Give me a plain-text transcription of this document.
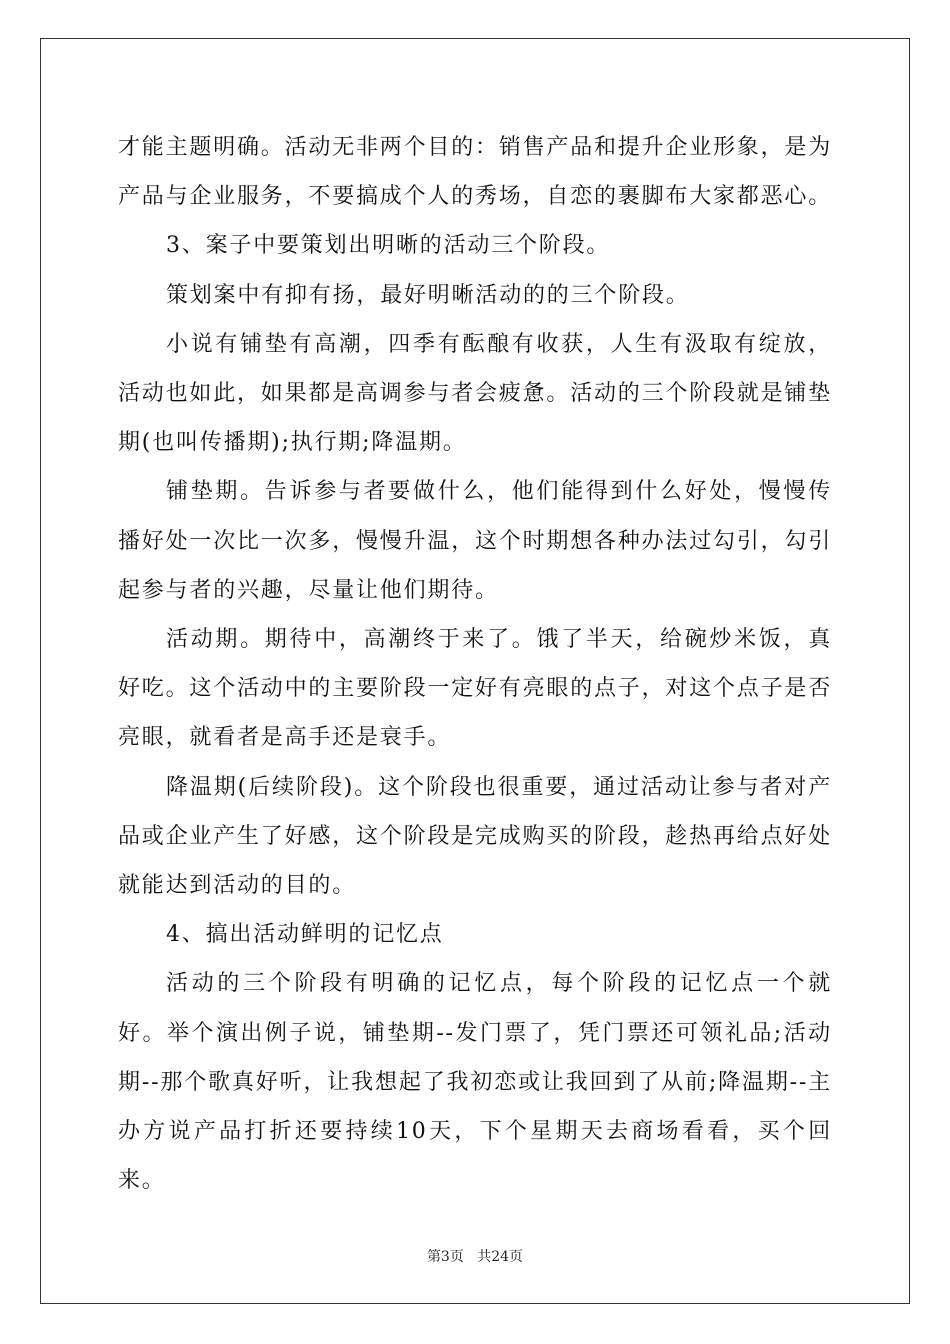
才能主题明确。活动无非两个目的：销售产品和提升企业形象，是为产品与企业服务，不要搞成个人的秀场，自恋的裹脚布大家都恶心。

3、案子中要策划出明晰的活动三个阶段。

策划案中有抑有扬，最好明晰活动的的三个阶段。

小说有铺垫有高潮，四季有酝酿有收获，人生有汲取有绽放，活动也如此，如果都是高调参与者会疲惫。活动的三个阶段就是铺垫期(也叫传播期);执行期;降温期。

铺垫期。告诉参与者要做什么，他们能得到什么好处，慢慢传播好处一次比一次多，慢慢升温，这个时期想各种办法过勾引，勾引起参与者的兴趣，尽量让他们期待。

活动期。期待中，高潮终于来了。饿了半天，给碗炒米饭，真好吃。这个活动中的主要阶段一定好有亮眼的点子，对这个点子是否亮眼，就看者是高手还是衰手。

降温期(后续阶段)。这个阶段也很重要，通过活动让参与者对产品或企业产生了好感，这个阶段是完成购买的阶段，趁热再给点好处就能达到活动的目的。

4、搞出活动鲜明的记忆点

活动的三个阶段有明确的记忆点，每个阶段的记忆点一个就好。举个演出例子说，铺垫期--发门票了，凭门票还可领礼品;活动期--那个歌真好听，让我想起了我初恋或让我回到了从前;降温期--主办方说产品打折还要持续10天，下个星期天去商场看看，买个回来。

第3页 共24页
